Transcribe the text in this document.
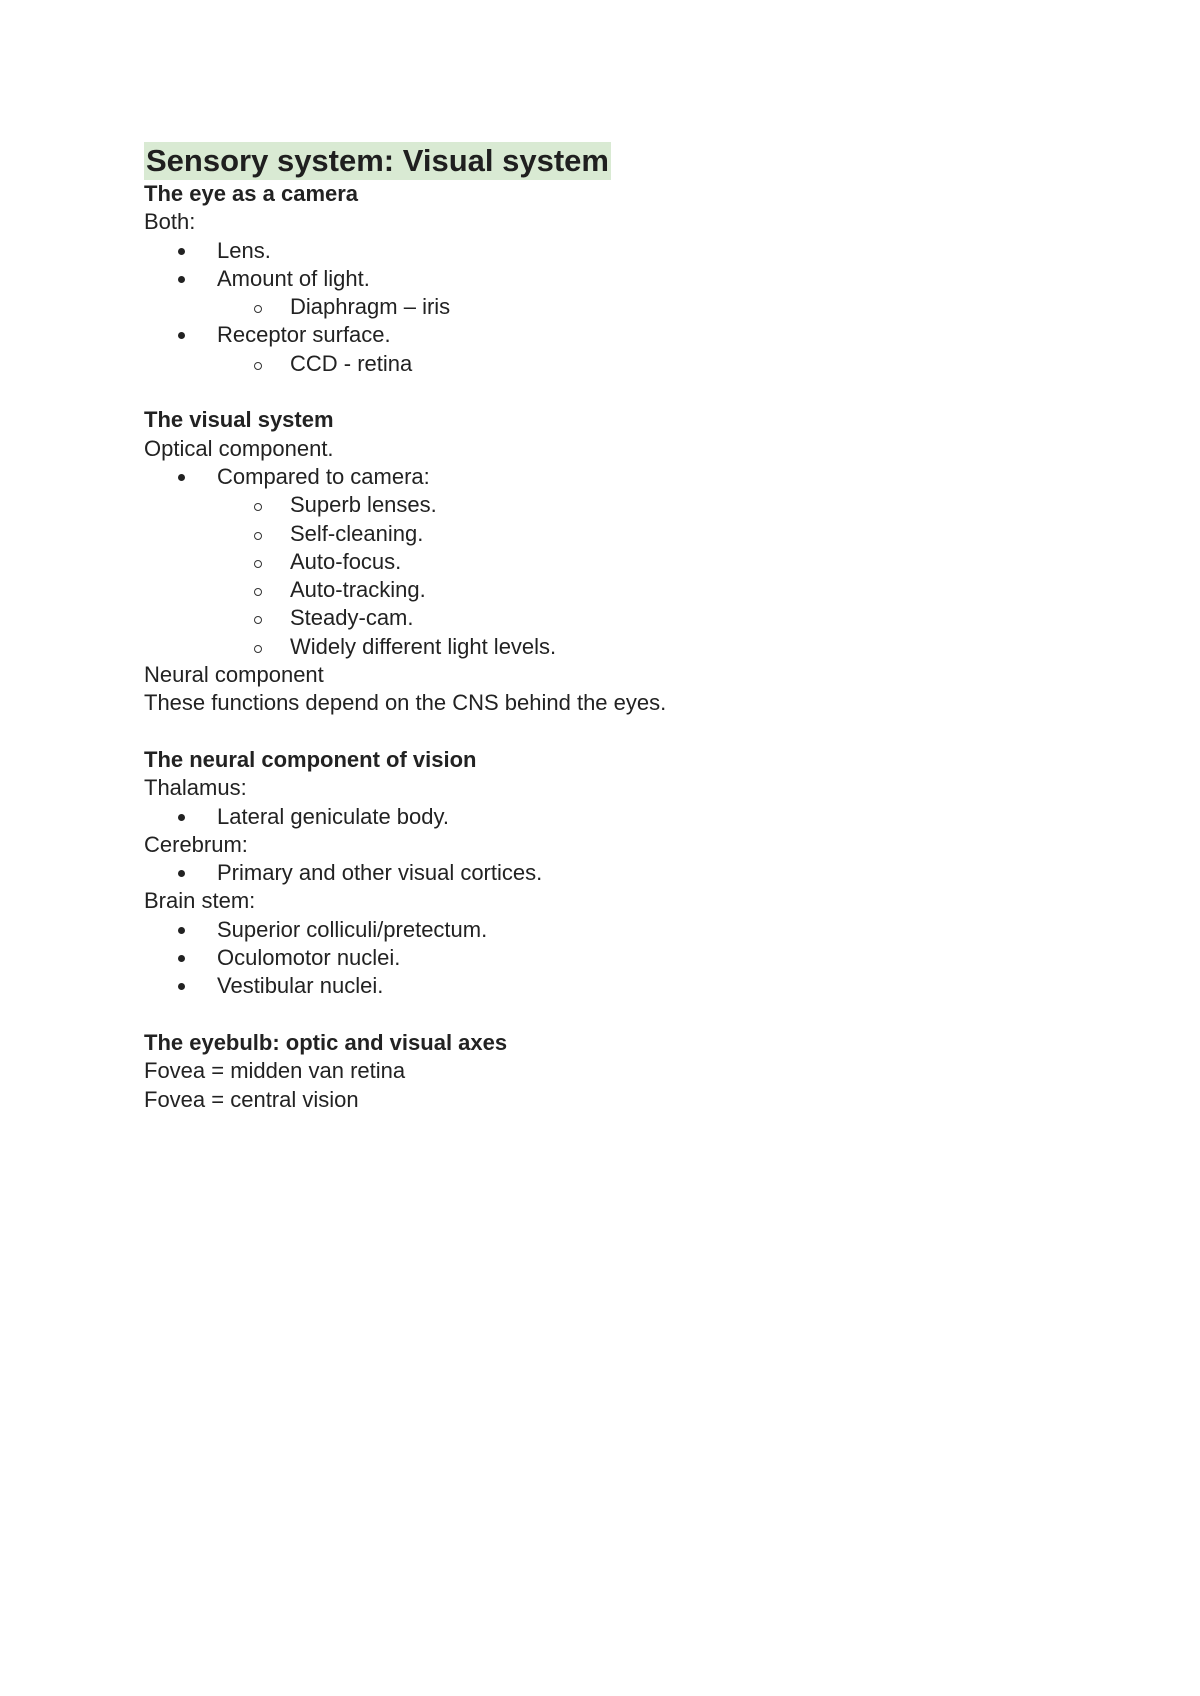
Sensory system: Visual system
The eye as a camera
Both:
Lens.
Amount of light.
Diaphragm – iris
Receptor surface.
CCD - retina
The visual system
Optical component.
Compared to camera:
Superb lenses.
Self-cleaning.
Auto-focus.
Auto-tracking.
Steady-cam.
Widely different light levels.
Neural component
These functions depend on the CNS behind the eyes.
The neural component of vision
Thalamus:
Lateral geniculate body.
Cerebrum:
Primary and other visual cortices.
Brain stem:
Superior colliculi/pretectum.
Oculomotor nuclei.
Vestibular nuclei.
The eyebulb: optic and visual axes
Fovea = midden van retina
Fovea = central vision
